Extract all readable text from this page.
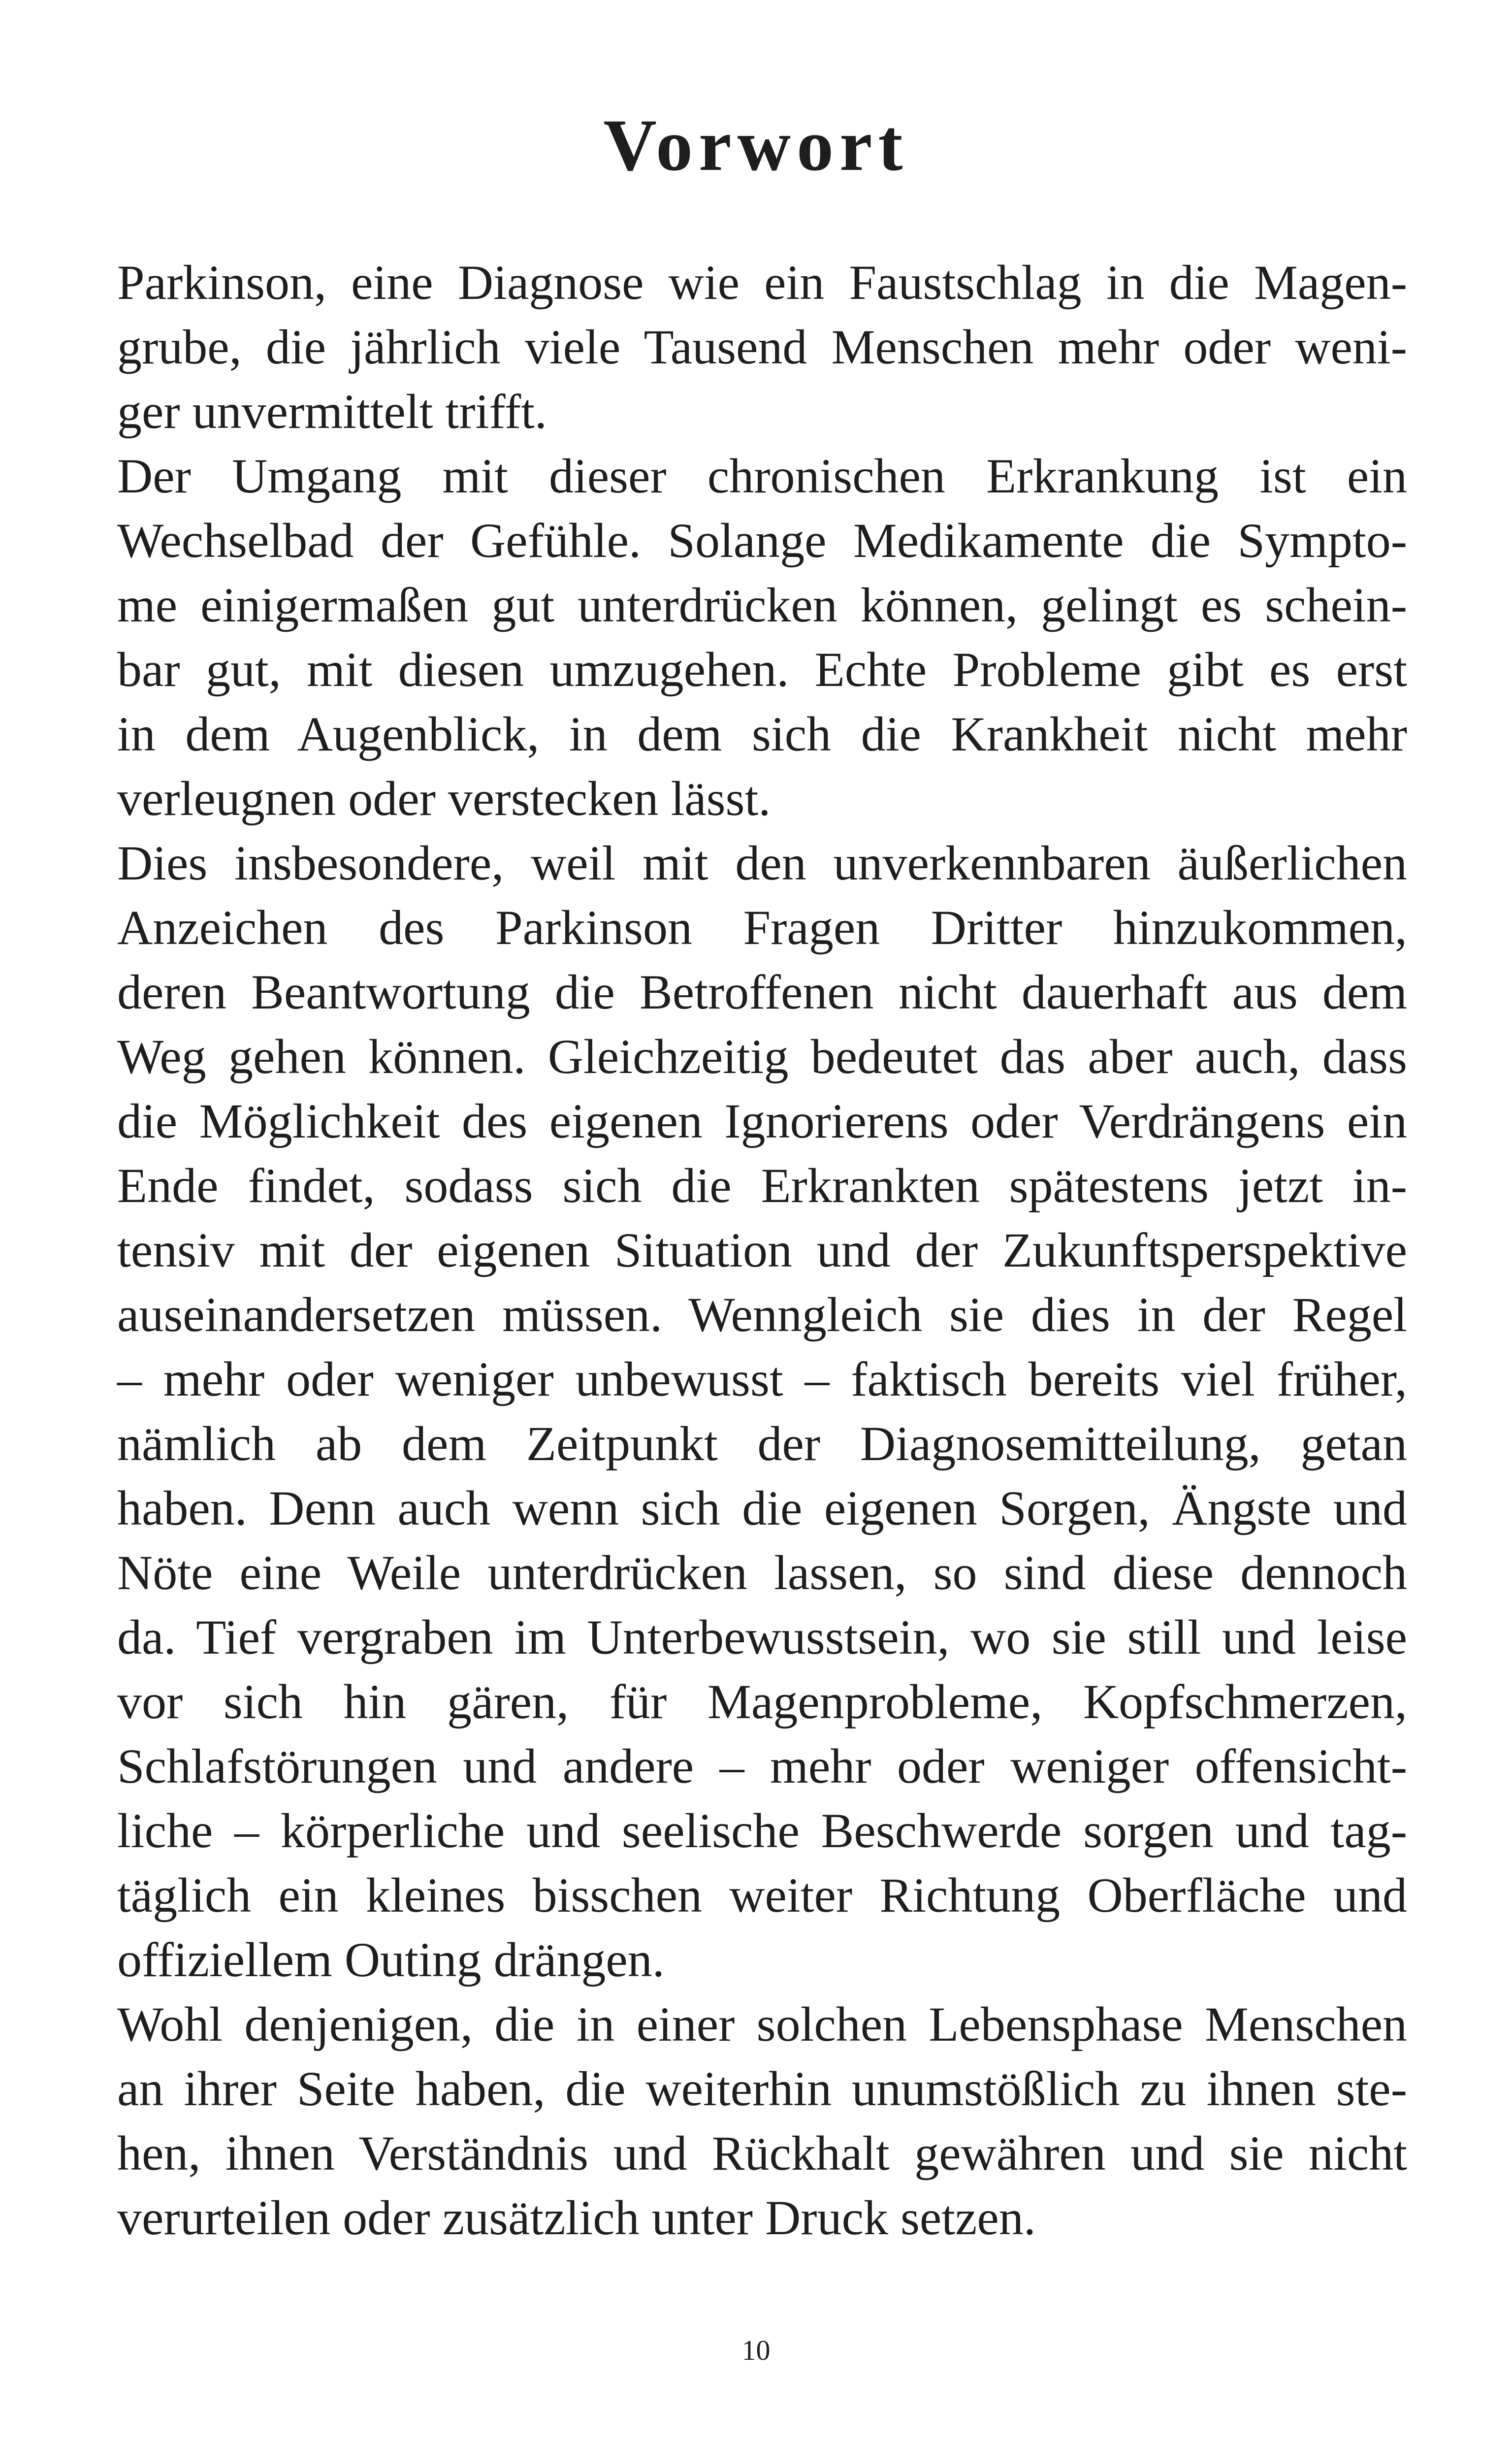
Vorwort
Parkinson, eine Diagnose wie ein Faustschlag in die Magen-
grube, die jährlich viele Tausend Menschen mehr oder weni-
ger unvermittelt trifft.
Der Umgang mit dieser chronischen Erkrankung ist ein
Wechselbad der Gefühle. Solange Medikamente die Sympto-
me einigermaßen gut unterdrücken können, gelingt es schein-
bar gut, mit diesen umzugehen. Echte Probleme gibt es erst
in dem Augenblick, in dem sich die Krankheit nicht mehr
verleugnen oder verstecken lässt.
Dies insbesondere, weil mit den unverkennbaren äußerlichen
Anzeichen des Parkinson Fragen Dritter hinzukommen,
deren Beantwortung die Betroffenen nicht dauerhaft aus dem
Weg gehen können. Gleichzeitig bedeutet das aber auch, dass
die Möglichkeit des eigenen Ignorierens oder Verdrängens ein
Ende findet, sodass sich die Erkrankten spätestens jetzt in-
tensiv mit der eigenen Situation und der Zukunftsperspektive
auseinandersetzen müssen. Wenngleich sie dies in der Regel
– mehr oder weniger unbewusst – faktisch bereits viel früher,
nämlich ab dem Zeitpunkt der Diagnosemitteilung, getan
haben. Denn auch wenn sich die eigenen Sorgen, Ängste und
Nöte eine Weile unterdrücken lassen, so sind diese dennoch
da. Tief vergraben im Unterbewusstsein, wo sie still und leise
vor sich hin gären, für Magenprobleme, Kopfschmerzen,
Schlafstörungen und andere – mehr oder weniger offensicht-
liche – körperliche und seelische Beschwerde sorgen und tag-
täglich ein kleines bisschen weiter Richtung Oberfläche und
offiziellem Outing drängen.
Wohl denjenigen, die in einer solchen Lebensphase Menschen
an ihrer Seite haben, die weiterhin unumstößlich zu ihnen ste-
hen, ihnen Verständnis und Rückhalt gewähren und sie nicht
verurteilen oder zusätzlich unter Druck setzen.
10
